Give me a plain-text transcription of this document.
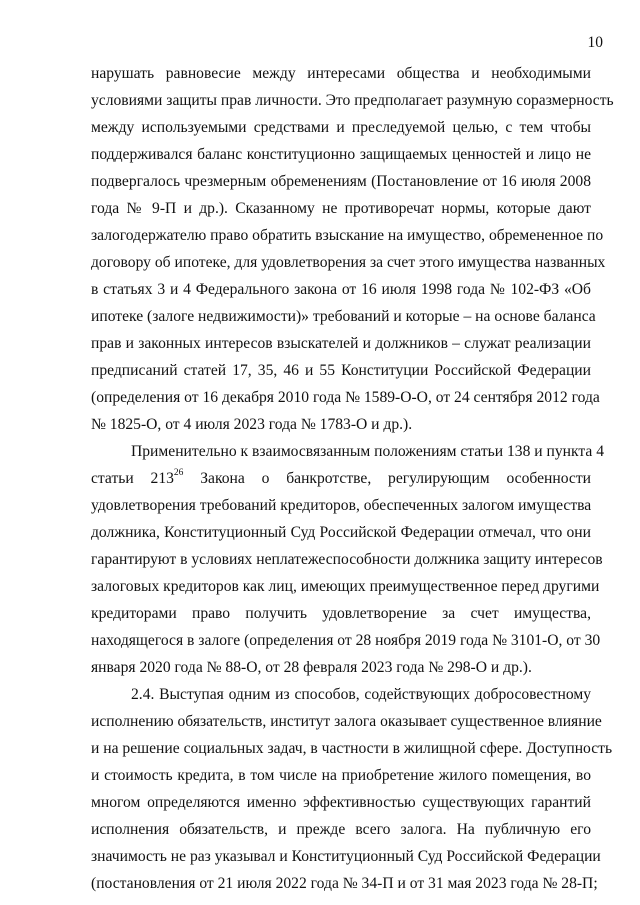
10
нарушать равновесие между интересами общества и необходимыми
условиями защиты прав личности. Это предполагает разумную соразмерность
между используемыми средствами и преследуемой целью, с тем чтобы
поддерживался баланс конституционно защищаемых ценностей и лицо не
подвергалось чрезмерным обременениям (Постановление от 16 июля 2008
года № 9-П и др.). Сказанному не противоречат нормы, которые дают
залогодержателю право обратить взыскание на имущество, обремененное по
договору об ипотеке, для удовлетворения за счет этого имущества названных
в статьях 3 и 4 Федерального закона от 16 июля 1998 года № 102-ФЗ «Об
ипотеке (залоге недвижимости)» требований и которые – на основе баланса
прав и законных интересов взыскателей и должников – служат реализации
предписаний статей 17, 35, 46 и 55 Конституции Российской Федерации
(определения от 16 декабря 2010 года № 1589-О-О, от 24 сентября 2012 года
№ 1825-О, от 4 июля 2023 года № 1783-О и др.).
Применительно к взаимосвязанным положениям статьи 138 и пункта 4
статьи $213^{26}$ Закона о банкротстве, регулирующим особенности
удовлетворения требований кредиторов, обеспеченных залогом имущества
должника, Конституционный Суд Российской Федерации отмечал, что они
гарантируют в условиях неплатежеспособности должника защиту интересов
залоговых кредиторов как лиц, имеющих преимущественное перед другими
кредиторами право получить удовлетворение за счет имущества,
находящегося в залоге (определения от 28 ноября 2019 года № 3101-О, от 30
января 2020 года № 88-О, от 28 февраля 2023 года № 298-О и др.).
2.4. Выступая одним из способов, содействующих добросовестному
исполнению обязательств, институт залога оказывает существенное влияние
и на решение социальных задач, в частности в жилищной сфере. Доступность
и стоимость кредита, в том числе на приобретение жилого помещения, во
многом определяются именно эффективностью существующих гарантий
исполнения обязательств, и прежде всего залога. На публичную его
значимость не раз указывал и Конституционный Суд Российской Федерации
(постановления от 21 июля 2022 года № 34-П и от 31 мая 2023 года № 28-П;
